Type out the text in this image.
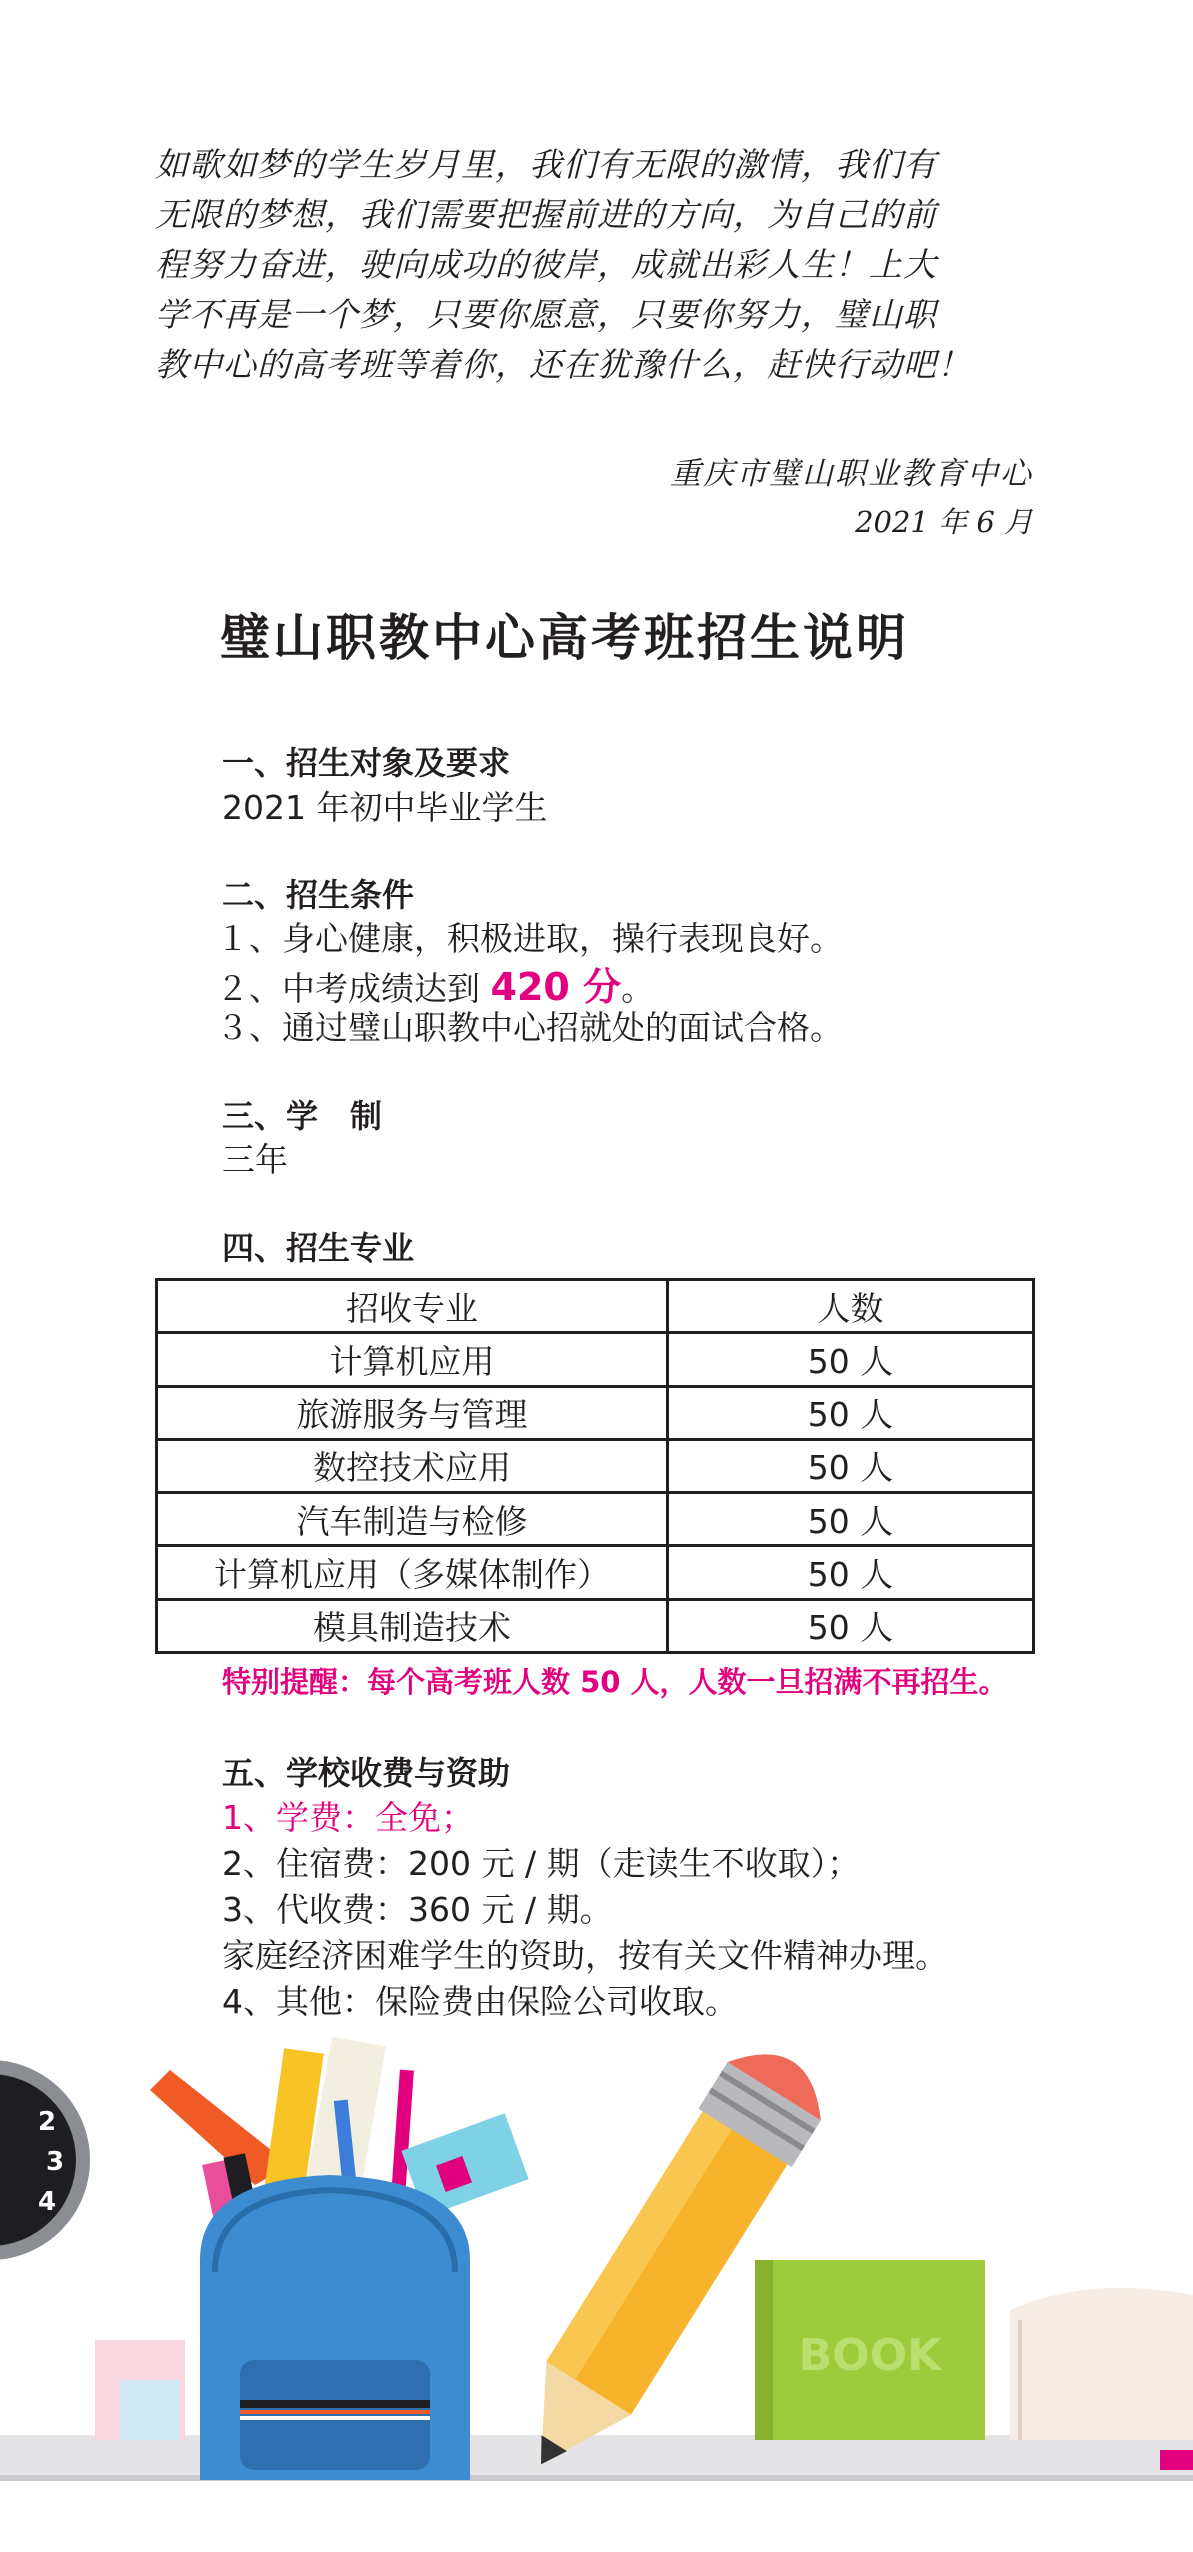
如歌如梦的学生岁月里，我们有无限的激情，我们有

无限的梦想，我们需要把握前进的方向，为自己的前

程努力奋进，驶向成功的彼岸，成就出彩人生！上大

学不再是一个梦，只要你愿意，只要你努力，璧山职

教中心的高考班等着你，还在犹豫什么，赶快行动吧！

重庆市璧山职业教育中心
2021 年 6 月
璧山职教中心高考班招生说明
一、招生对象及要求
2021 年初中毕业学生
二、招生条件
１、身心健康，积极进取，操行表现良好。
２、中考成绩达到 420 分。
３、通过璧山职教中心招就处的面试合格。
三、学　制
三年
四、招生专业
招收专业	人数
计算机应用	50 人
旅游服务与管理	50 人
数控技术应用	50 人
汽车制造与检修	50 人
计算机应用（多媒体制作）	50 人
模具制造技术	50 人
特别提醒：每个高考班人数 50 人，人数一旦招满不再招生。
五、学校收费与资助
1、学费：全免；
2、住宿费：200 元 / 期（走读生不收取）；
3、代收费：360 元 / 期。
家庭经济困难学生的资助，按有关文件精神办理。
4、其他：保险费由保险公司收取。
2
3
4
BOOK
